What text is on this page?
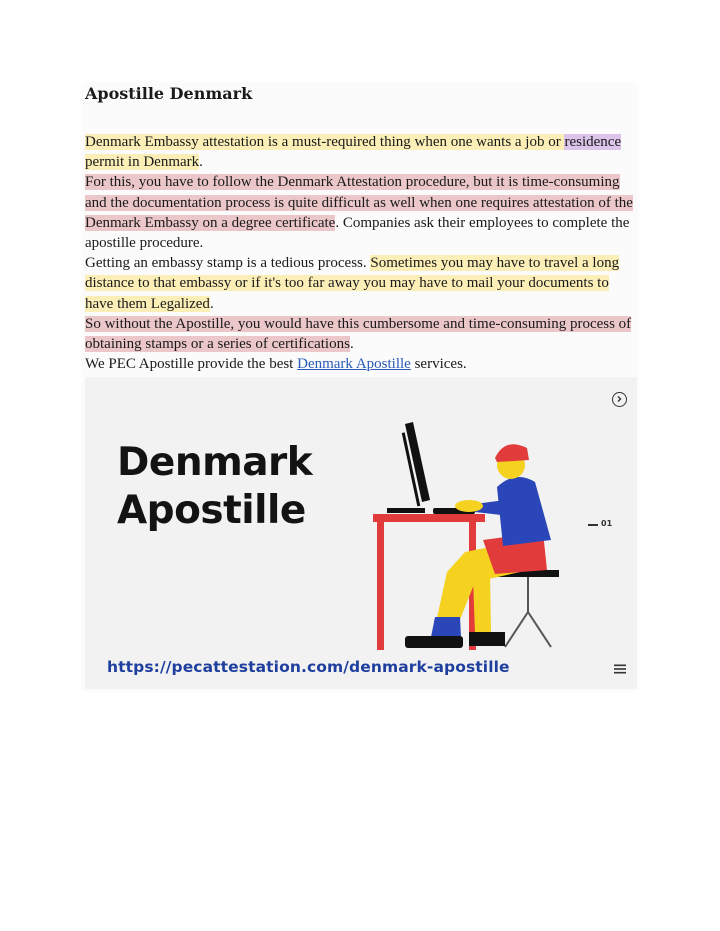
Apostille Denmark

Denmark Embassy attestation is a must-required thing when one wants a job or residence
permit in Denmark.

For this, you have to follow the Denmark Attestation procedure, but it is time-consuming and the documentation process is quite difficult as well when one requires attestation of the Denmark Embassy on a degree certificate. Companies ask their employees to complete the apostille procedure.

Getting an embassy stamp is a tedious process. Sometimes you may have to travel a long distance to that embassy or if it's too far away you may have to mail your documents to have them Legalized.

So without the Apostille, you would have this cumbersome and time-consuming process of obtaining stamps or a series of certifications.

We PEC Apostille provide the best Denmark Apostille services.

Denmark
Apostille	01
https://pecattestation.com/denmark-apostille
